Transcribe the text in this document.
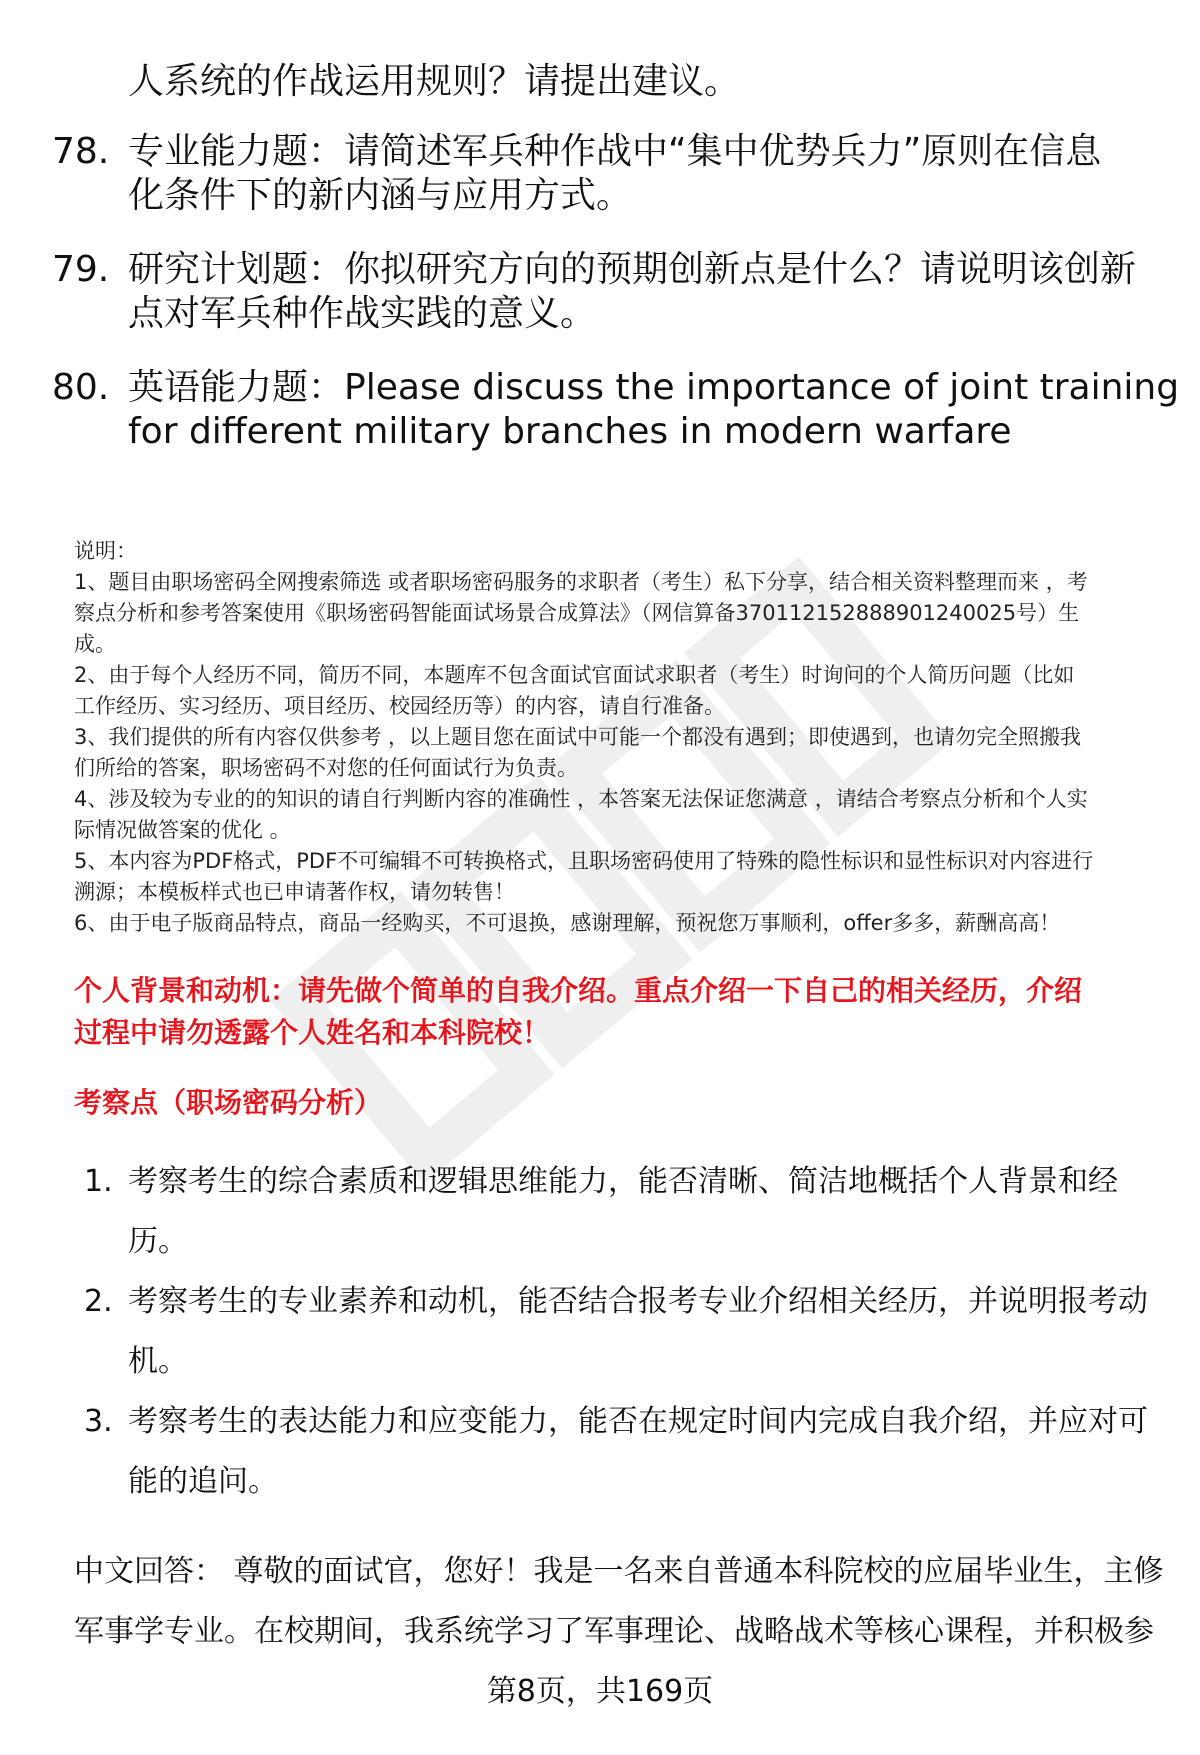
人系统的作战运用规则？请提出建议。
78. 专业能力题：请简述军兵种作战中“集中优势兵力”原则在信息
化条件下的新内涵与应用方式。
79. 研究计划题：你拟研究方向的预期创新点是什么？请说明该创新
点对军兵种作战实践的意义。
80. 英语能力题：Please discuss the importance of joint training
for different military branches in modern warfare
说明：
1、题目由职场密码全网搜索筛选 或者职场密码服务的求职者（考生）私下分享，结合相关资料整理而来 ，考
察点分析和参考答案使用《职场密码智能面试场景合成算法》（网信算备370112152888901240025号）生
成。
2、由于每个人经历不同，简历不同，本题库不包含面试官面试求职者（考生）时询问的个人简历问题（比如
工作经历、实习经历、项目经历、校园经历等）的内容，请自行准备。
3、我们提供的所有内容仅供参考 ，以上题目您在面试中可能一个都没有遇到；即使遇到，也请勿完全照搬我
们所给的答案，职场密码不对您的任何面试行为负责。
4、涉及较为专业的的知识的请自行判断内容的准确性 ，本答案无法保证您满意 ，请结合考察点分析和个人实
际情况做答案的优化 。
5、本内容为PDF格式，PDF不可编辑不可转换格式，且职场密码使用了特殊的隐性标识和显性标识对内容进行
溯源；本模板样式也已申请著作权，请勿转售！
6、由于电子版商品特点，商品一经购买，不可退换，感谢理解，预祝您万事顺利，offer多多，薪酬高高！
个人背景和动机：请先做个简单的自我介绍。重点介绍一下自己的相关经历，介绍
过程中请勿透露个人姓名和本科院校！
考察点（职场密码分析）
1. 考察考生的综合素质和逻辑思维能力，能否清晰、简洁地概括个人背景和经
历。
2. 考察考生的专业素养和动机，能否结合报考专业介绍相关经历，并说明报考动
机。
3. 考察考生的表达能力和应变能力，能否在规定时间内完成自我介绍，并应对可
能的追问。
中文回答： 尊敬的面试官，您好！我是一名来自普通本科院校的应届毕业生，主修
军事学专业。在校期间，我系统学习了军事理论、战略战术等核心课程，并积极参
第8页，共169页
